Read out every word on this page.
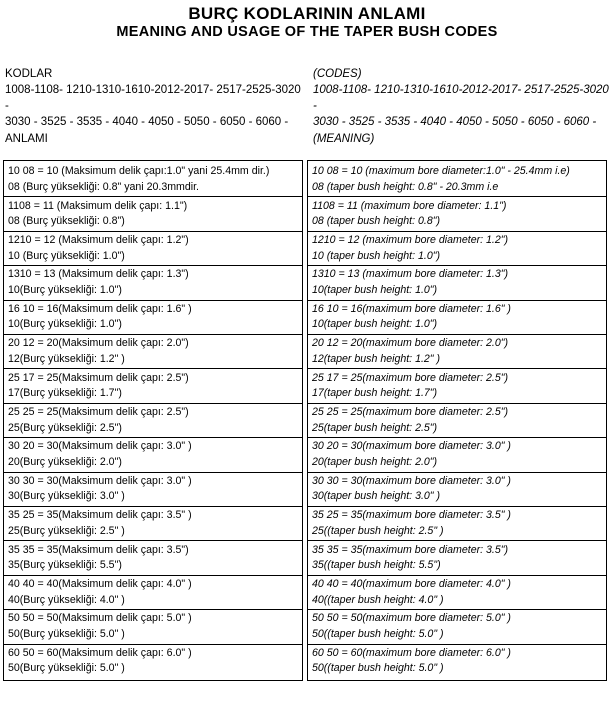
BURÇ KODLARININ ANLAMI
MEANING AND USAGE OF THE TAPER BUSH CODES
KODLAR
1008-1108- 1210-1310-1610-2012-2017- 2517-2525-3020 -
3030 - 3525 - 3535 - 4040 - 4050 - 5050 - 6050 - 6060 -
ANLAMI
(CODES)
1008-1108- 1210-1310-1610-2012-2017- 2517-2525-3020 -
3030 - 3525 - 3535 - 4040 - 4050 - 5050 - 6050 - 6060 -
(MEANING)
10 08 = 10 (Maksimum delik çapı:1.0" yani 25.4mm dir.)
08 (Burç yüksekliği: 0.8" yani 20.3mmdir.
1108 = 11 (Maksimum delik çapı: 1.1")
08 (Burç yüksekliği: 0.8")
1210 = 12 (Maksimum delik çapı: 1.2")
10 (Burç yüksekliği: 1.0")
1310 = 13 (Maksimum delik çapı: 1.3")
10(Burç yüksekliği: 1.0")
16 10 = 16(Maksimum delik çapı: 1.6" )
10(Burç yüksekliği: 1.0")
20 12 = 20(Maksimum delik çapı: 2.0")
12(Burç yüksekliği: 1.2" )
25 17 = 25(Maksimum delik çapı: 2.5")
17(Burç yüksekliği: 1.7")
25 25 = 25(Maksimum delik çapı: 2.5")
25(Burç yüksekliği: 2.5")
30 20 = 30(Maksimum delik çapı: 3.0" )
20(Burç yüksekliği: 2.0")
30 30 = 30(Maksimum delik çapı: 3.0" )
30(Burç yüksekliği: 3.0" )
35 25 = 35(Maksimum delik çapı: 3.5" )
25(Burç yüksekliği: 2.5" )
35 35 = 35(Maksimum delik çapı: 3.5")
35(Burç yüksekliği: 5.5")
40 40 = 40(Maksimum delik çapı: 4.0" )
40(Burç yüksekliği: 4.0" )
50 50 = 50(Maksimum delik çapı: 5.0" )
50(Burç yüksekliği: 5.0" )
60 50 = 60(Maksimum delik çapı: 6.0" )
50(Burç yüksekliği: 5.0" )
10 08 = 10 (maximum bore diameter:1.0" - 25.4mm i.e)
08 (taper bush height: 0.8" - 20.3mm i.e
1108 = 11 (maximum bore diameter: 1.1")
08 (taper bush height: 0.8")
1210 = 12 (maximum bore diameter: 1.2")
10 (taper bush height: 1.0")
1310 = 13 (maximum bore diameter: 1.3")
10(taper bush height: 1.0")
16 10 = 16(maximum bore diameter: 1.6" )
10(taper bush height: 1.0")
20 12 = 20(maximum bore diameter: 2.0")
12(taper bush height: 1.2" )
25 17 = 25(maximum bore diameter: 2.5")
17(taper bush height: 1.7")
25 25 = 25(maximum bore diameter: 2.5")
25(taper bush height: 2.5")
30 20 = 30(maximum bore diameter: 3.0" )
20(taper bush height: 2.0")
30 30 = 30(maximum bore diameter: 3.0" )
30(taper bush height: 3.0" )
35 25 = 35(maximum bore diameter: 3.5" )
25((taper bush height: 2.5" )
35 35 = 35(maximum bore diameter: 3.5")
35((taper bush height: 5.5")
40 40 = 40(maximum bore diameter: 4.0" )
40((taper bush height: 4.0" )
50 50 = 50(maximum bore diameter: 5.0" )
50((taper bush height: 5.0" )
60 50 = 60(maximum bore diameter: 6.0" )
50((taper bush height: 5.0" )
